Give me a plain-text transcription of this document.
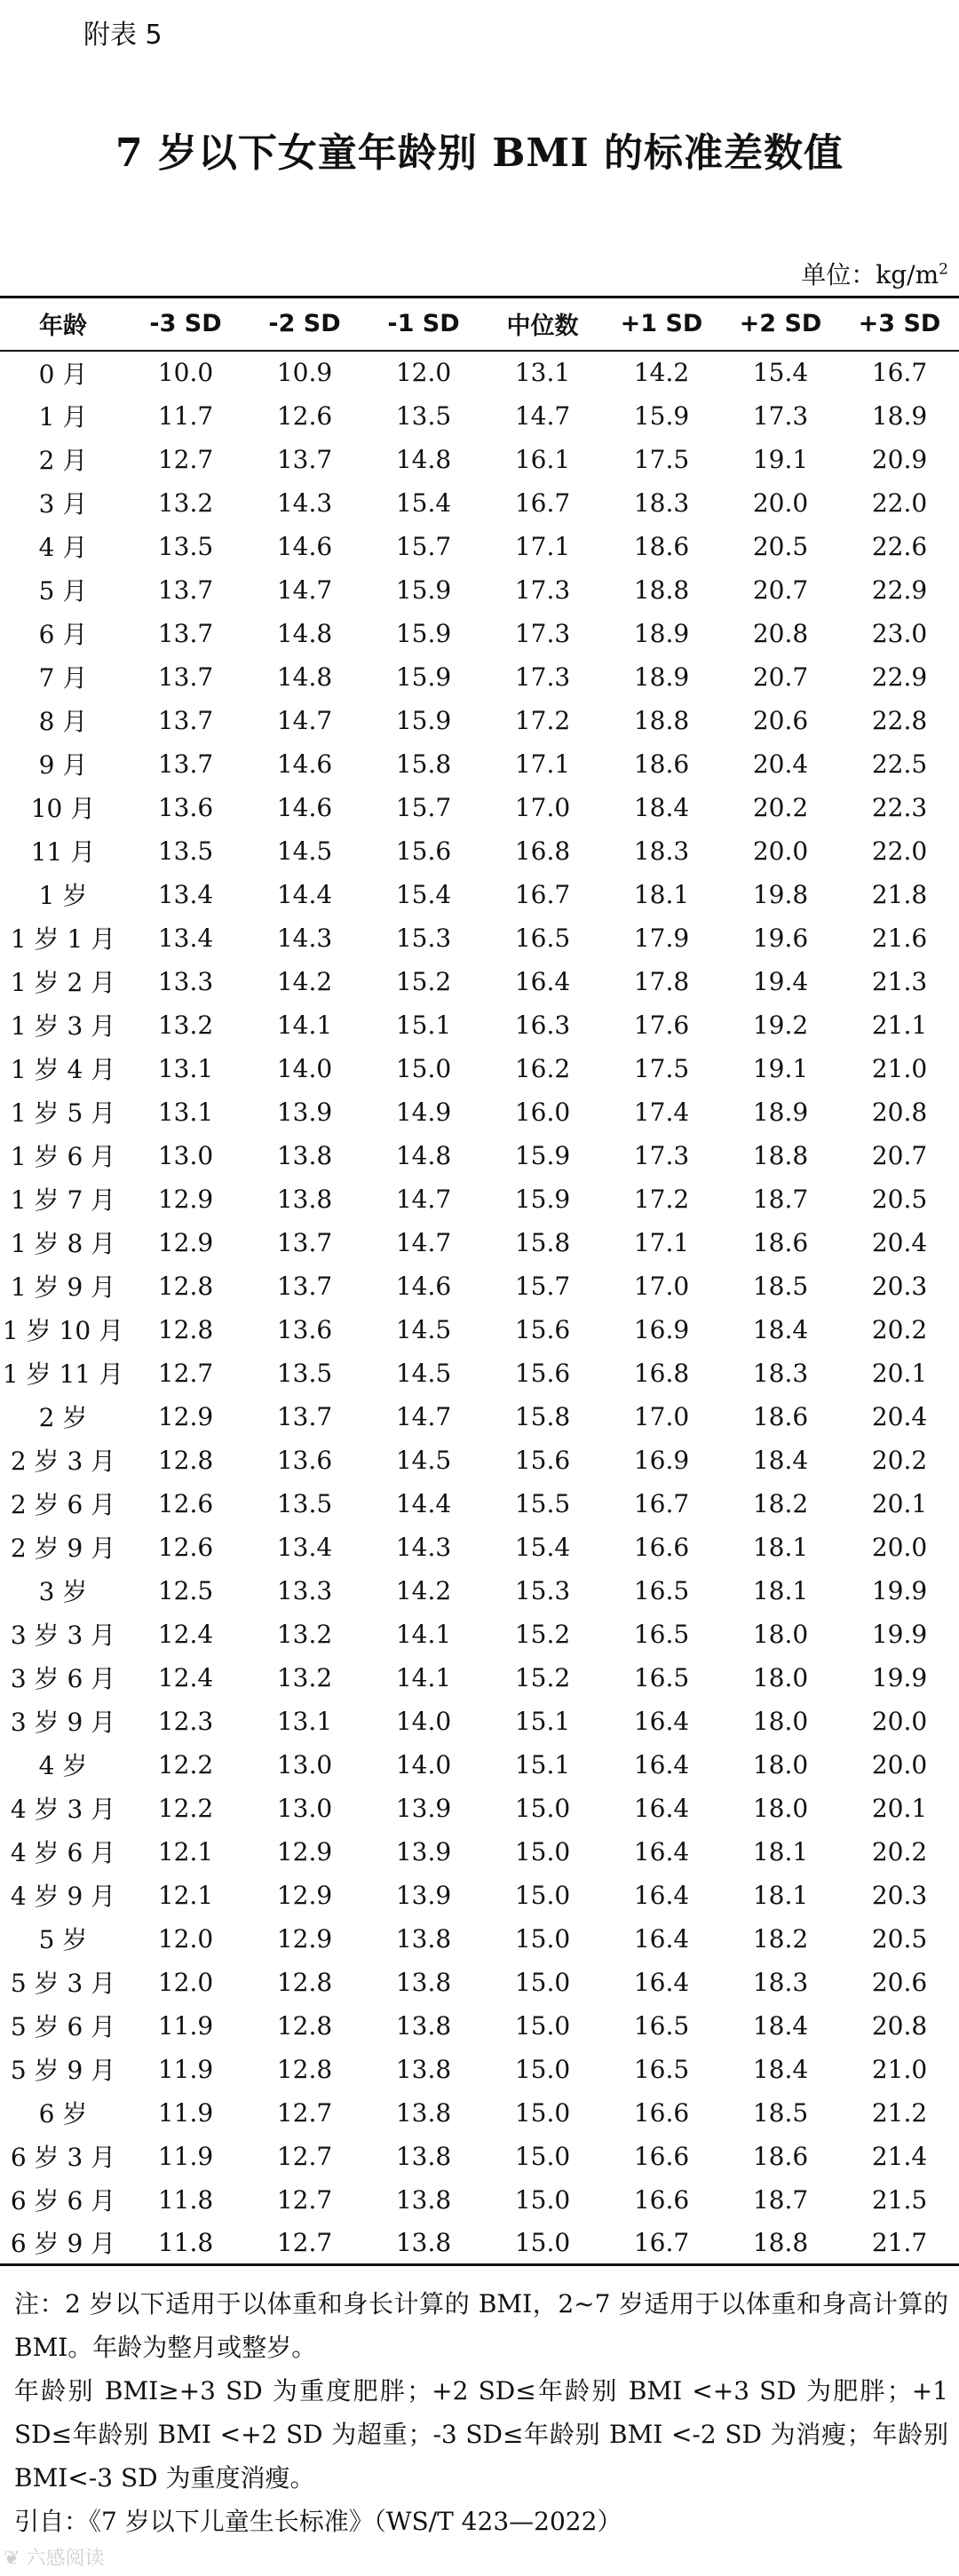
附表 5
7 岁以下女童年龄别 BMI 的标准差数值
单位：$kg/m^2$
年龄	-3 SD	-2 SD	-1 SD	中位数	+1 SD	+2 SD	+3 SD
0 月	10.0	10.9	12.0	13.1	14.2	15.4	16.7
1 月	11.7	12.6	13.5	14.7	15.9	17.3	18.9
2 月	12.7	13.7	14.8	16.1	17.5	19.1	20.9
3 月	13.2	14.3	15.4	16.7	18.3	20.0	22.0
4 月	13.5	14.6	15.7	17.1	18.6	20.5	22.6
5 月	13.7	14.7	15.9	17.3	18.8	20.7	22.9
6 月	13.7	14.8	15.9	17.3	18.9	20.8	23.0
7 月	13.7	14.8	15.9	17.3	18.9	20.7	22.9
8 月	13.7	14.7	15.9	17.2	18.8	20.6	22.8
9 月	13.7	14.6	15.8	17.1	18.6	20.4	22.5
10 月	13.6	14.6	15.7	17.0	18.4	20.2	22.3
11 月	13.5	14.5	15.6	16.8	18.3	20.0	22.0
1 岁	13.4	14.4	15.4	16.7	18.1	19.8	21.8
1 岁 1 月	13.4	14.3	15.3	16.5	17.9	19.6	21.6
1 岁 2 月	13.3	14.2	15.2	16.4	17.8	19.4	21.3
1 岁 3 月	13.2	14.1	15.1	16.3	17.6	19.2	21.1
1 岁 4 月	13.1	14.0	15.0	16.2	17.5	19.1	21.0
1 岁 5 月	13.1	13.9	14.9	16.0	17.4	18.9	20.8
1 岁 6 月	13.0	13.8	14.8	15.9	17.3	18.8	20.7
1 岁 7 月	12.9	13.8	14.7	15.9	17.2	18.7	20.5
1 岁 8 月	12.9	13.7	14.7	15.8	17.1	18.6	20.4
1 岁 9 月	12.8	13.7	14.6	15.7	17.0	18.5	20.3
1 岁 10 月	12.8	13.6	14.5	15.6	16.9	18.4	20.2
1 岁 11 月	12.7	13.5	14.5	15.6	16.8	18.3	20.1
2 岁	12.9	13.7	14.7	15.8	17.0	18.6	20.4
2 岁 3 月	12.8	13.6	14.5	15.6	16.9	18.4	20.2
2 岁 6 月	12.6	13.5	14.4	15.5	16.7	18.2	20.1
2 岁 9 月	12.6	13.4	14.3	15.4	16.6	18.1	20.0
3 岁	12.5	13.3	14.2	15.3	16.5	18.1	19.9
3 岁 3 月	12.4	13.2	14.1	15.2	16.5	18.0	19.9
3 岁 6 月	12.4	13.2	14.1	15.2	16.5	18.0	19.9
3 岁 9 月	12.3	13.1	14.0	15.1	16.4	18.0	20.0
4 岁	12.2	13.0	14.0	15.1	16.4	18.0	20.0
4 岁 3 月	12.2	13.0	13.9	15.0	16.4	18.0	20.1
4 岁 6 月	12.1	12.9	13.9	15.0	16.4	18.1	20.2
4 岁 9 月	12.1	12.9	13.9	15.0	16.4	18.1	20.3
5 岁	12.0	12.9	13.8	15.0	16.4	18.2	20.5
5 岁 3 月	12.0	12.8	13.8	15.0	16.4	18.3	20.6
5 岁 6 月	11.9	12.8	13.8	15.0	16.5	18.4	20.8
5 岁 9 月	11.9	12.8	13.8	15.0	16.5	18.4	21.0
6 岁	11.9	12.7	13.8	15.0	16.6	18.5	21.2
6 岁 3 月	11.9	12.7	13.8	15.0	16.6	18.6	21.4
6 岁 6 月	11.8	12.7	13.8	15.0	16.6	18.7	21.5
6 岁 9 月	11.8	12.7	13.8	15.0	16.7	18.8	21.7

注：2 岁以下适用于以体重和身长计算的 BMI，2~7 岁适用于以体重和身高计算的 BMI。年龄为整月或整岁。

年龄别 BMI≥+3 SD 为重度肥胖；+2 SD≤年龄别 BMI <+3 SD 为肥胖；+1 SD≤年龄别 BMI <+2 SD 为超重；-3 SD≤年龄别 BMI <-2 SD 为消瘦；年龄别 BMI<-3 SD 为重度消瘦。

引自：《7 岁以下儿童生长标准》（WS/T 423—2022）

❦ 六感阅读
